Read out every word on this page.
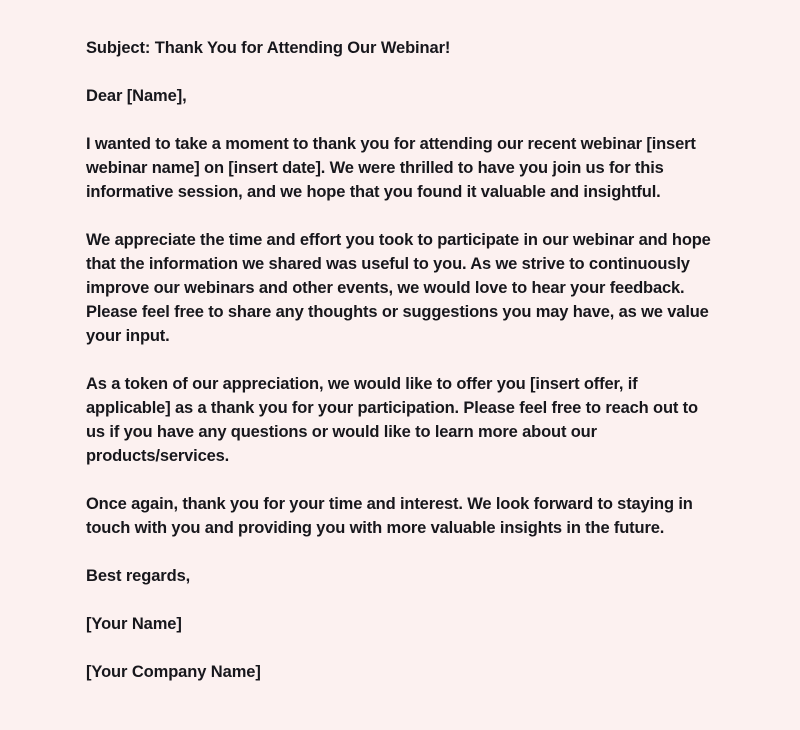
Subject: Thank You for Attending Our Webinar!

Dear [Name],

I wanted to take a moment to thank you for attending our recent webinar [insert webinar name] on [insert date]. We were thrilled to have you join us for this informative session, and we hope that you found it valuable and insightful.

We appreciate the time and effort you took to participate in our webinar and hope that the information we shared was useful to you. As we strive to continuously improve our webinars and other events, we would love to hear your feedback. Please feel free to share any thoughts or suggestions you may have, as we value your input.

As a token of our appreciation, we would like to offer you [insert offer, if applicable] as a thank you for your participation. Please feel free to reach out to us if you have any questions or would like to learn more about our products/services.

Once again, thank you for your time and interest. We look forward to staying in touch with you and providing you with more valuable insights in the future.

Best regards,

[Your Name]

[Your Company Name]
